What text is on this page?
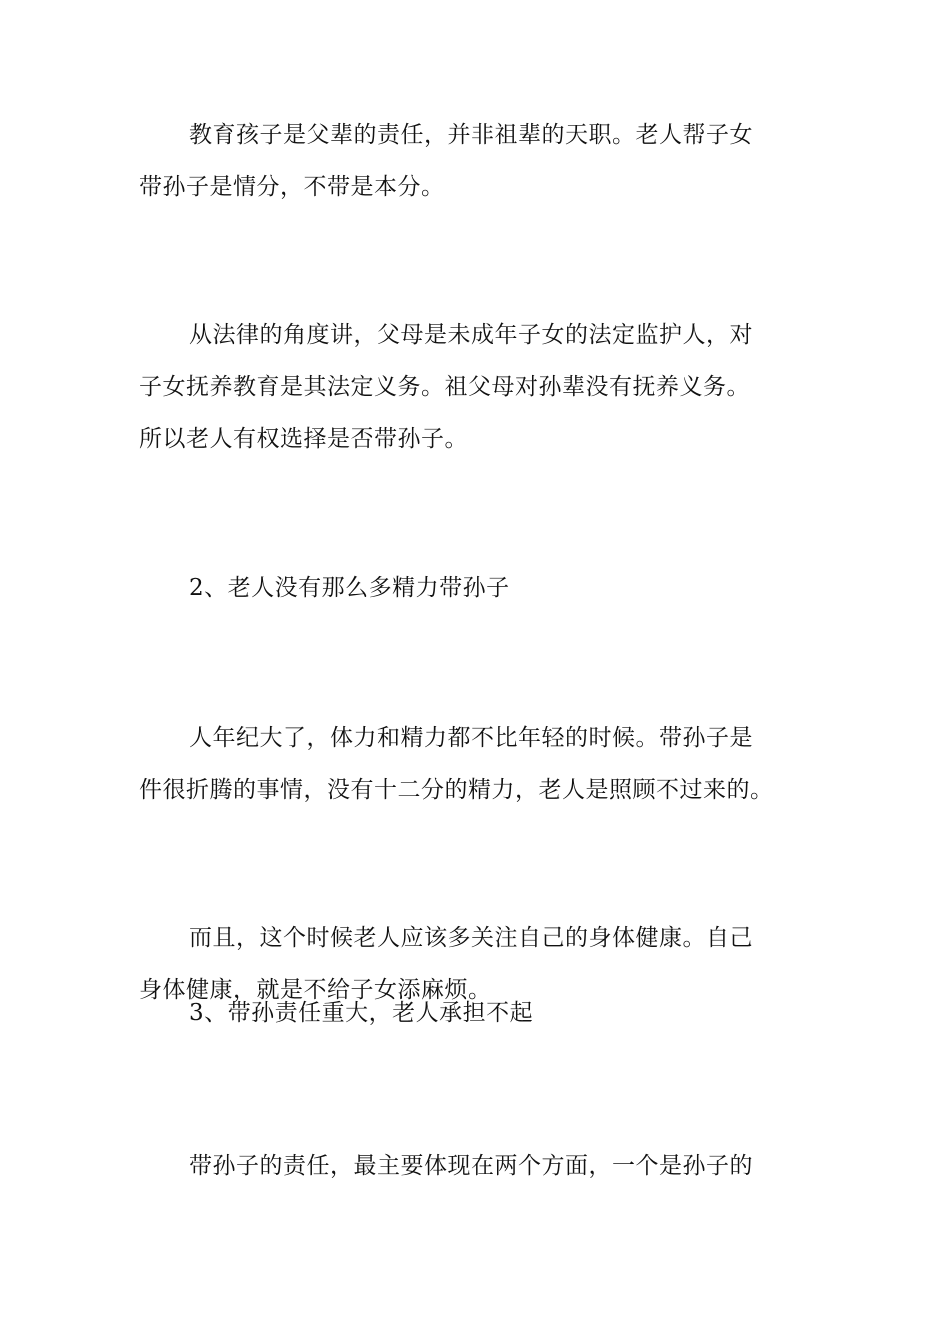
教育孩子是父辈的责任，并非祖辈的天职。老人帮子女
带孙子是情分，不带是本分。

从法律的角度讲，父母是未成年子女的法定监护人，对
子女抚养教育是其法定义务。祖父母对孙辈没有抚养义务。
所以老人有权选择是否带孙子。

2、老人没有那么多精力带孙子

人年纪大了，体力和精力都不比年轻的时候。带孙子是
件很折腾的事情，没有十二分的精力，老人是照顾不过来的。

而且，这个时候老人应该多关注自己的身体健康。自己
身体健康，就是不给子女添麻烦。

3、带孙责任重大，老人承担不起

带孙子的责任，最主要体现在两个方面，一个是孙子的
